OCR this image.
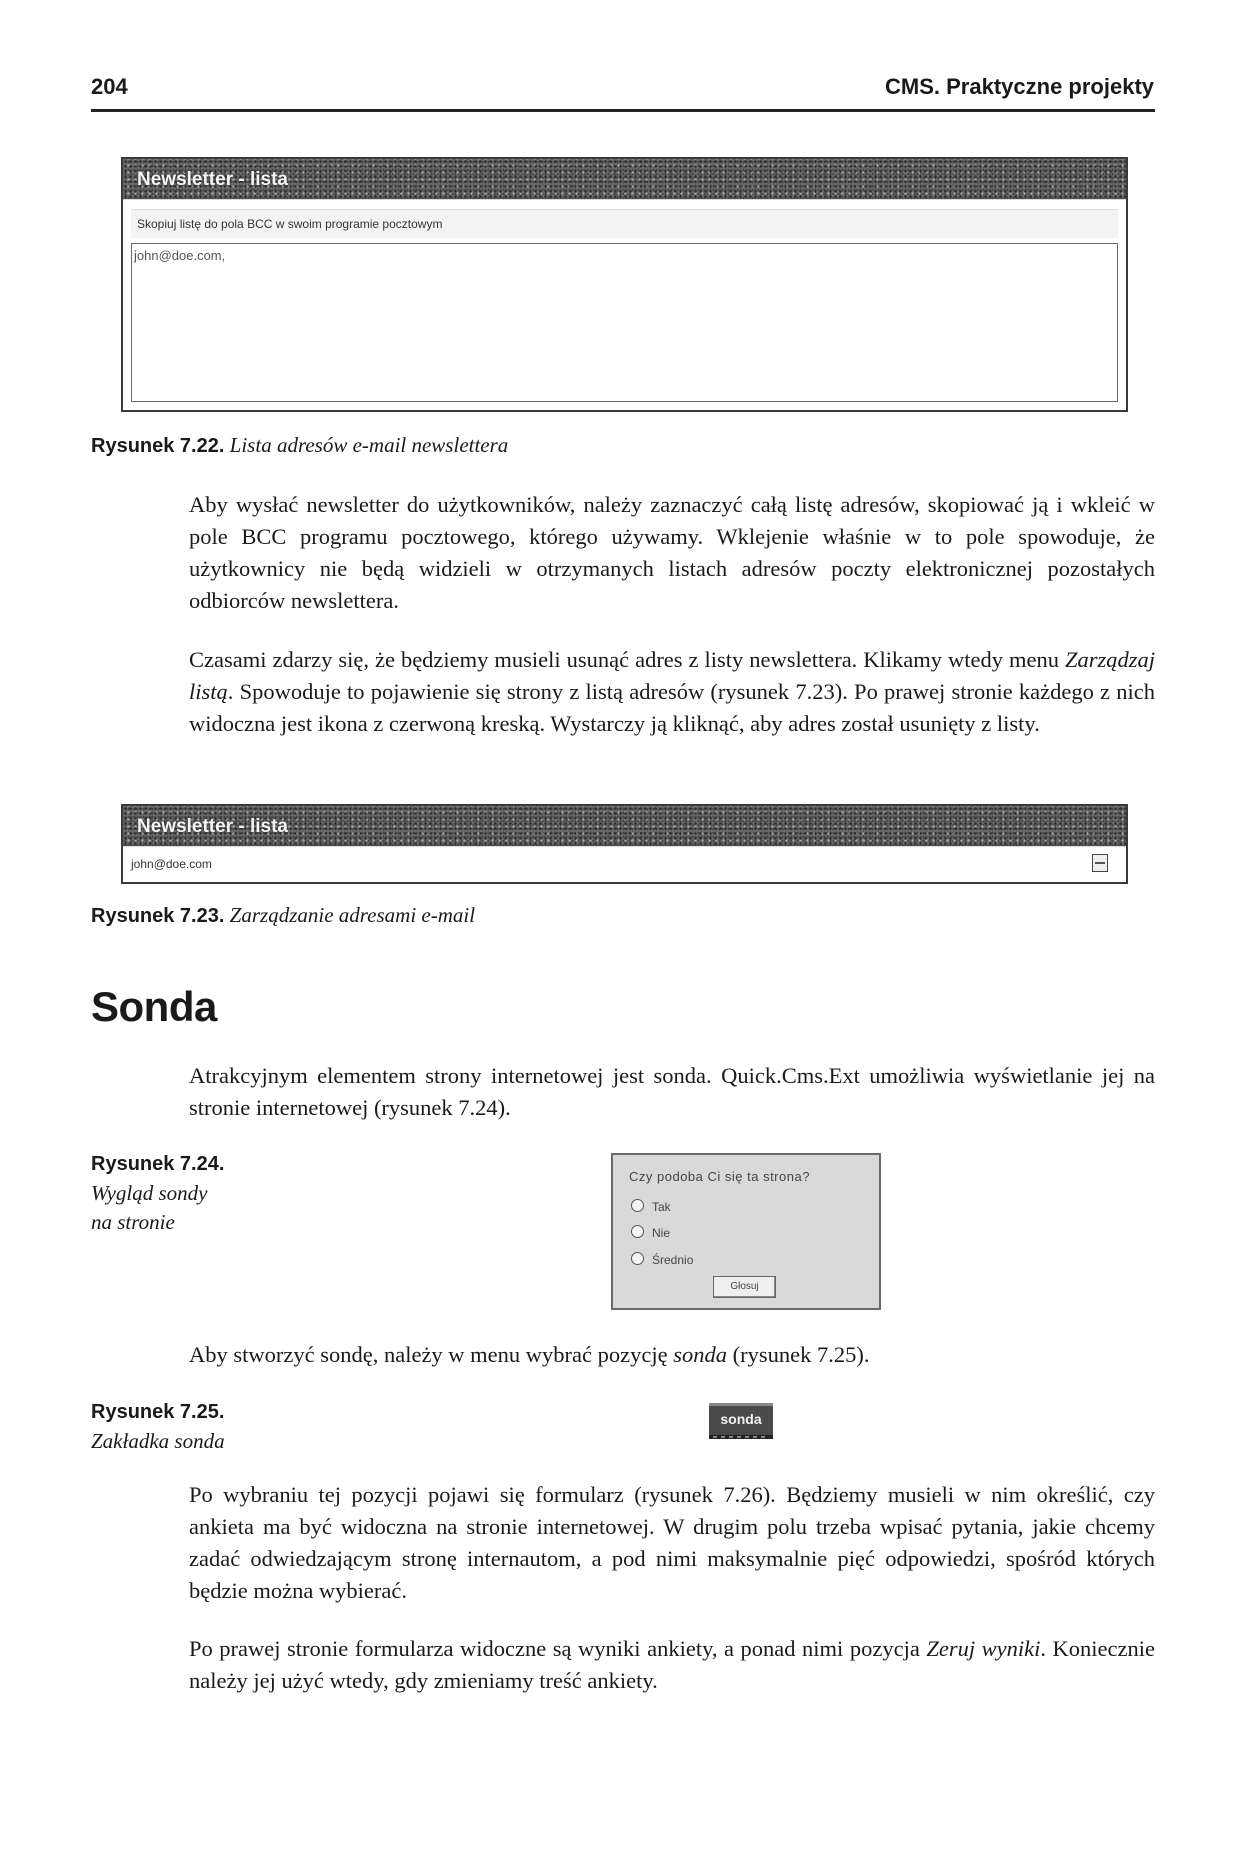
204	CMS. Praktyczne projekty
Newsletter - lista
Skopiuj listę do pola BCC w swoim programie pocztowym
john@doe.com,
Rysunek 7.22. Lista adresów e-mail newslettera
Aby wysłać newsletter do użytkowników, należy zaznaczyć całą listę adresów, skopiować ją i wkleić w pole BCC programu pocztowego, którego używamy. Wklejenie właśnie w to pole spowoduje, że użytkownicy nie będą widzieli w otrzymanych listach adresów poczty elektronicznej pozostałych odbiorców newslettera.
Czasami zdarzy się, że będziemy musieli usunąć adres z listy newslettera. Klikamy wtedy menu Zarządzaj listą. Spowoduje to pojawienie się strony z listą adresów (rysunek 7.23). Po prawej stronie każdego z nich widoczna jest ikona z czerwoną kreską. Wystarczy ją kliknąć, aby adres został usunięty z listy.
Newsletter - lista
john@doe.com
Rysunek 7.23. Zarządzanie adresami e-mail
Sonda
Atrakcyjnym elementem strony internetowej jest sonda. Quick.Cms.Ext umożliwia wyświetlanie jej na stronie internetowej (rysunek 7.24).
Rysunek 7.24.
Wygląd sondy
na stronie
Czy podoba Ci się ta strona?
Tak
Nie
Średnio
Głosuj
Aby stworzyć sondę, należy w menu wybrać pozycję sonda (rysunek 7.25).
Rysunek 7.25.
Zakładka sonda
sonda
Po wybraniu tej pozycji pojawi się formularz (rysunek 7.26). Będziemy musieli w nim określić, czy ankieta ma być widoczna na stronie internetowej. W drugim polu trzeba wpisać pytania, jakie chcemy zadać odwiedzającym stronę internautom, a pod nimi maksymalnie pięć odpowiedzi, spośród których będzie można wybierać.
Po prawej stronie formularza widoczne są wyniki ankiety, a ponad nimi pozycja Zeruj wyniki. Koniecznie należy jej użyć wtedy, gdy zmieniamy treść ankiety.
